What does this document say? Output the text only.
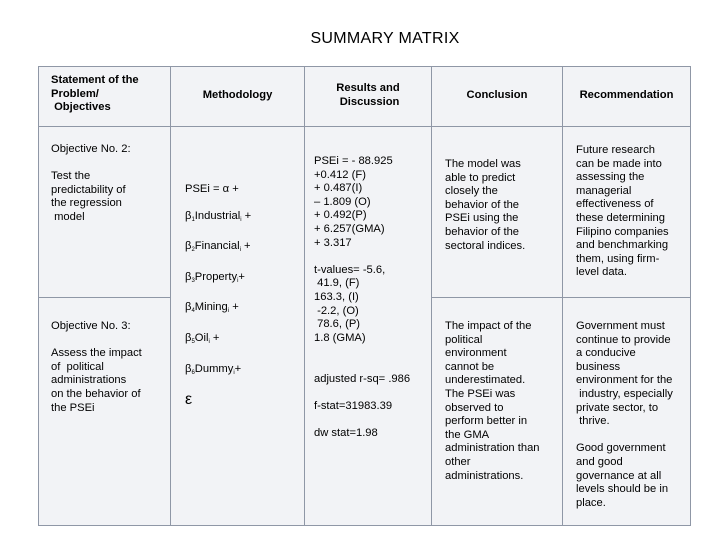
SUMMARY MATRIX
Statement of the
Problem/
Objectives
Methodology
Results and
Discussion
Conclusion	Recommendation
Objective No. 2:

Test the
predictability of
the regression
model
Objective No. 3:

Assess the impact
of  political
administrations
on the behavior of
the PSEi
PSEi = α +
$\beta_1Industrial_i$ +
$\beta_2Financial_i$ +
$\beta_3Property_i+$
$\beta_4Mining_i$ +
$\beta_5Oil_i$ +
$\beta_6Dummy_i+$
ε
PSEi = - 88.925
+0.412 (F)
+ 0.487(I)
– 1.809 (O)
+ 0.492(P)
+ 6.257(GMA)
+ 3.317

t-values= -5.6,
41.9, (F)
163.3, (I)
-2.2, (O)
78.6, (P)
1.8 (GMA)

adjusted r-sq= .986

f-stat=31983.39

dw stat=1.98
The model was
able to predict
closely the
behavior of the
PSEi using the
behavior of the
sectoral indices.
The impact of the
political
environment
cannot be
underestimated.
The PSEi was
observed to
perform better in
the GMA
administration than
other
administrations.
Future research
can be made into
assessing the
managerial
effectiveness of
these determining
Filipino companies
and benchmarking
them, using firm-
level data.
Government must
continue to provide
a conducive
business
environment for the
industry, especially
private sector, to
thrive.

Good government
and good
governance at all
levels should be in
place.
